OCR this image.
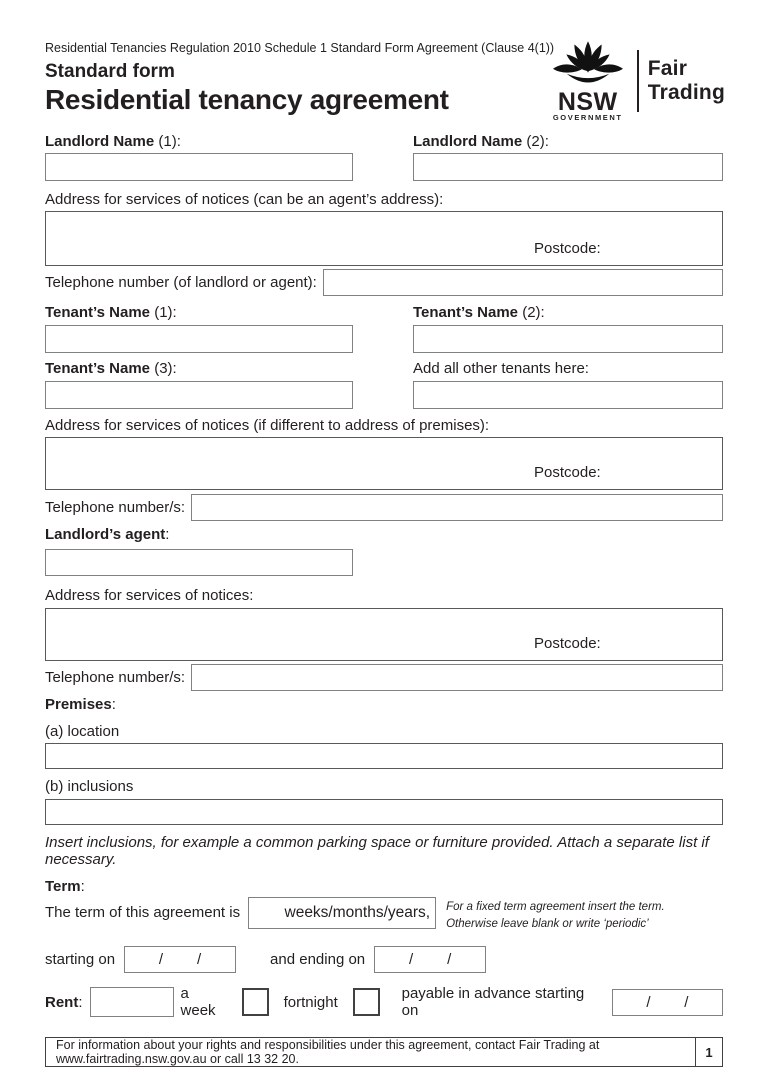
NSW
GOVERNMENT
Fair
Trading
Residential Tenancies Regulation 2010 Schedule 1 Standard Form Agreement (Clause 4(1))
Standard form
Residential tenancy agreement
Landlord Name (1):	Landlord Name (2):
Address for services of notices (can be an agent’s address):
Postcode:
Telephone number (of landlord or agent):
Tenant’s Name (1):	Tenant’s Name (2):
Tenant’s Name (3):	Add all other tenants here:
Address for services of notices (if different to address of premises):
Postcode:
Telephone number/s:
Landlord’s agent:
Address for services of notices:
Postcode:
Telephone number/s:
Premises:
(a) location
(b) inclusions
Insert inclusions, for example a common parking space or furniture provided. Attach a separate list if necessary.
Term:
The term of this agreement is	weeks/months/years, For a fixed term agreement insert the term.
Otherwise leave blank or write ‘periodic’
starting on	/ /	and ending on	/ /
Rent:	a week	fortnight	payable in advance starting on	/ /
For information about your rights and responsibilities under this agreement, contact Fair Trading at www.fairtrading.nsw.gov.au or call 13 32 20.	1
